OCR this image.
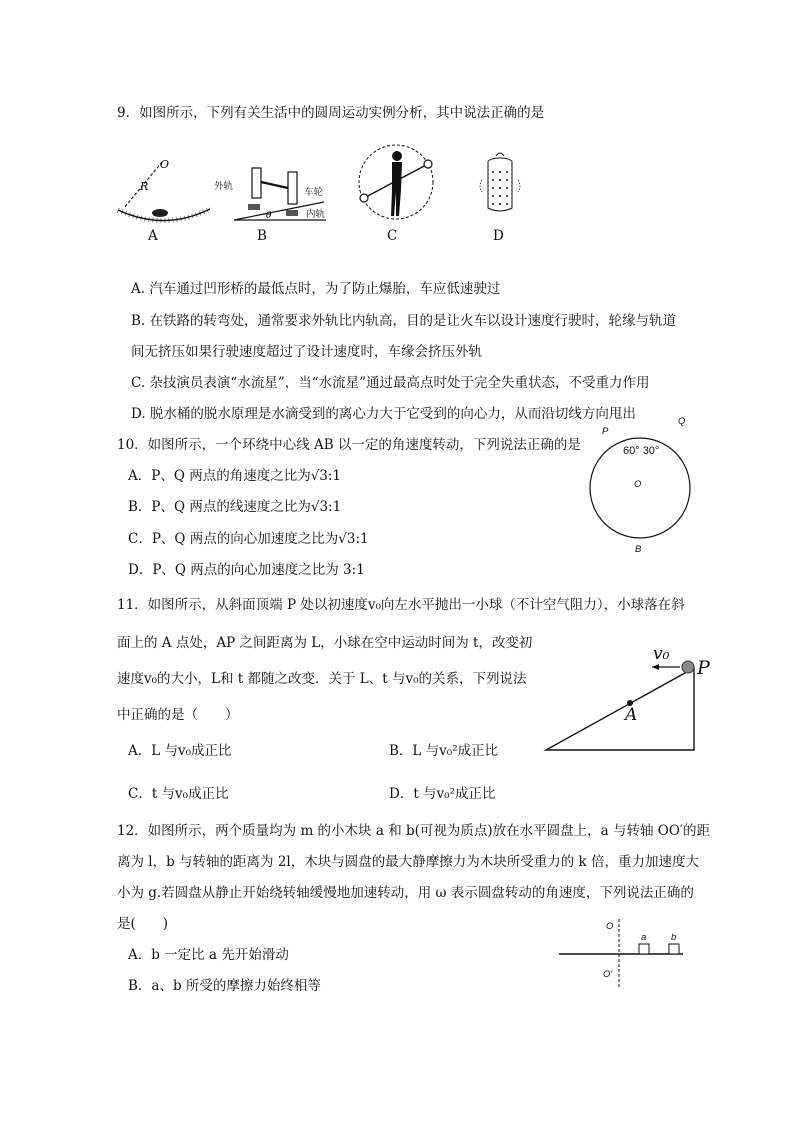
9．如图所示，下列有关生活中的圆周运动实例分析，其中说法正确的是
O
R
A
θ
外轨
车轮
内轨
B	C	D
A. 汽车通过凹形桥的最低点时，为了防止爆胎，车应低速驶过
B. 在铁路的转弯处，通常要求外轨比内轨高，目的是让火车以设计速度行驶时，轮缘与轨道
间无挤压如果行驶速度超过了设计速度时，车缘会挤压外轨
C. 杂技演员表演“水流星”，当“水流星”通过最高点时处于完全失重状态，不受重力作用
D. 脱水桶的脱水原理是水滴受到的离心力大于它受到的向心力，从而沿切线方向甩出
10．如图所示，一个环绕中心线 AB 以一定的角速度转动，下列说法正确的是
A．P、Q 两点的角速度之比为√3:1
B．P、Q 两点的线速度之比为√3:1
C．P、Q 两点的向心加速度之比为√3:1
D．P、Q 两点的向心加速度之比为 3:1
P
Q
60° 30°
O
B
11．如图所示，从斜面顶端 P 处以初速度v₀向左水平抛出一小球（不计空气阻力），小球落在斜
面上的 A 点处，AP 之间距离为 L，小球在空中运动时间为 t，改变初
速度v₀的大小，L和 t 都随之改变．关于 L、t 与v₀的关系，下列说法
中正确的是（　　）
A．L 与v₀成正比	B．L 与v₀²成正比
C．t 与v₀成正比	D．t 与v₀²成正比
v₀
P
A
12．如图所示，两个质量均为 m 的小木块 a 和 b(可视为质点)放在水平圆盘上，a 与转轴 OO′的距
离为 l，b 与转轴的距离为 2l，木块与圆盘的最大静摩擦力为木块所受重力的 k 倍，重力加速度大
小为 g.若圆盘从静止开始绕转轴缓慢地加速转动，用 ω 表示圆盘转动的角速度，下列说法正确的
是(　　)
A．b 一定比 a 先开始滑动
B．a、b 所受的摩擦力始终相等
O
O′
a	b
